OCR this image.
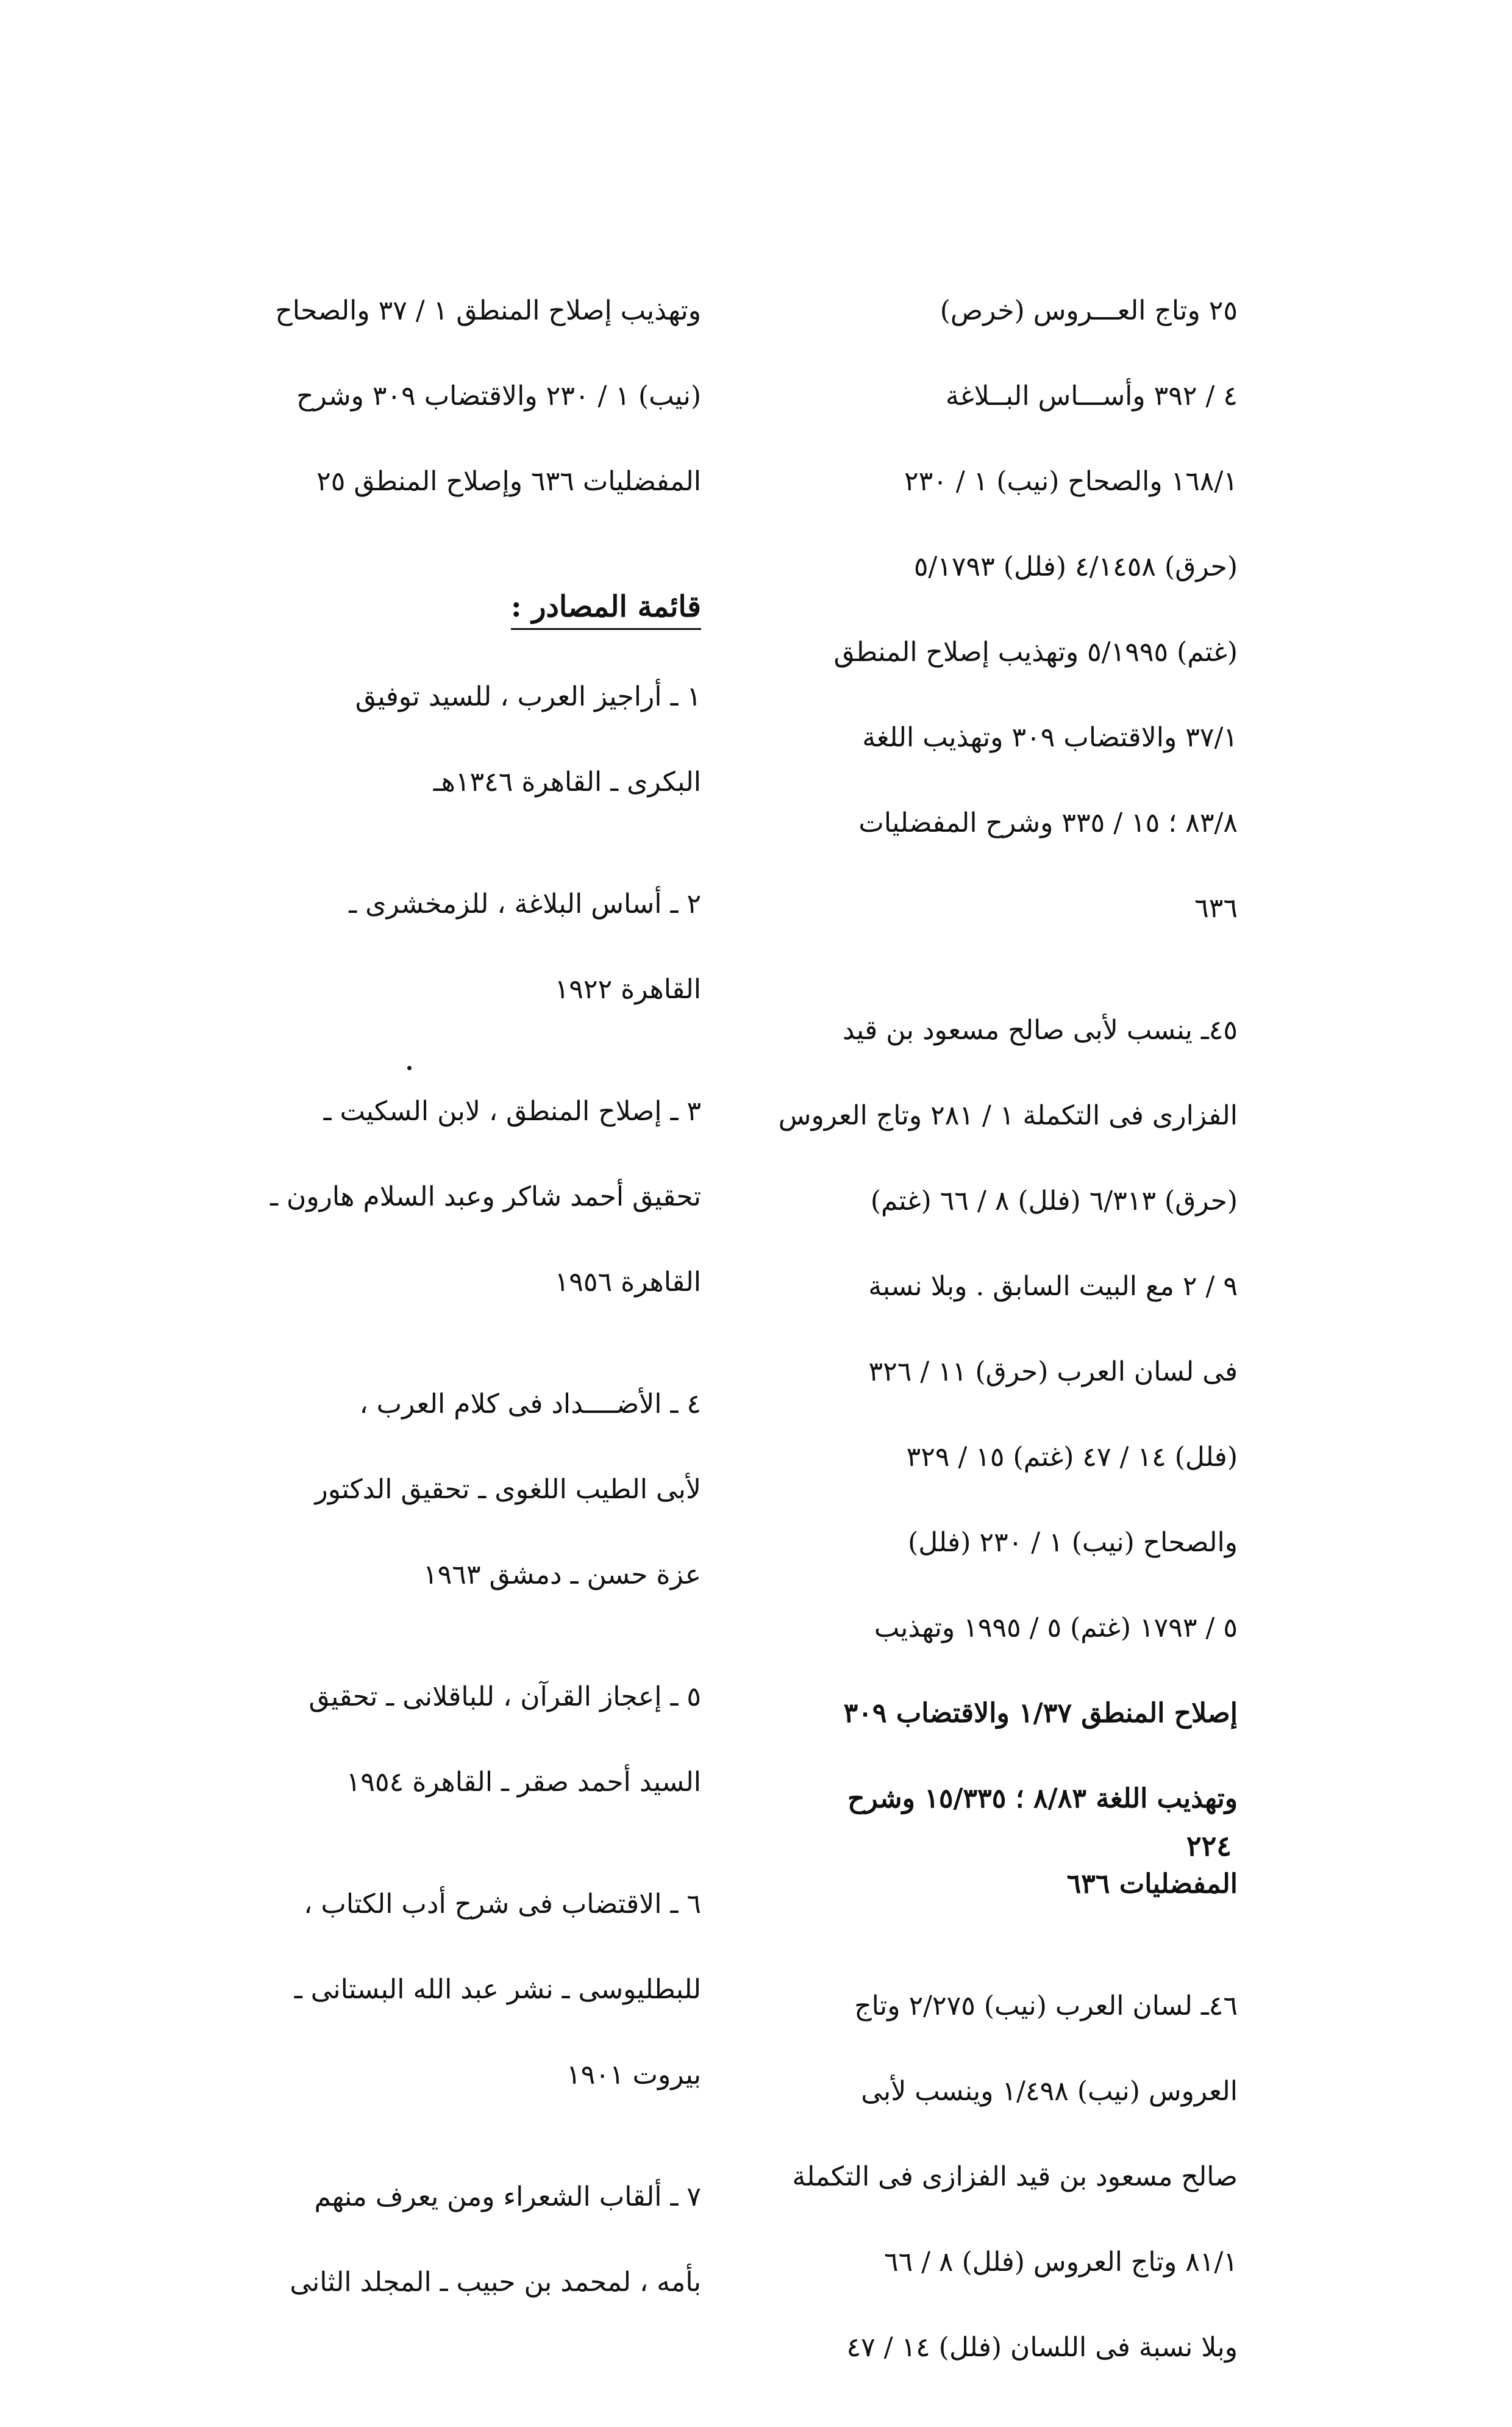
٢٥ وتاج العـــروس (خرص)
٤ / ٣٩٢ وأســـاس البــلاغة
١٦٨/١ والصحاح (نيب) ١ / ٢٣٠
(حرق) ٤/١٤٥٨ (فلل) ٥/١٧٩٣
(غتم) ٥/١٩٩٥ وتهذيب إصلاح المنطق
٣٧/١ والاقتضاب ٣٠٩ وتهذيب اللغة
٨٣/٨ ؛ ١٥ / ٣٣٥ وشرح المفضليات
٦٣٦
٤٥ـ ينسب لأبى صالح مسعود بن قيد
الفزارى فى التكملة ١ / ٢٨١ وتاج العروس
(حرق) ٦/٣١٣ (فلل) ٨ / ٦٦ (غتم)
٩ / ٢ مع البيت السابق . وبلا نسبة
فى لسان العرب (حرق) ١١ / ٣٢٦
(فلل) ١٤ / ٤٧ (غتم) ١٥ / ٣٢٩
والصحاح (نيب) ١ / ٢٣٠ (فلل)
٥ / ١٧٩٣ (غتم) ٥ / ١٩٩٥ وتهذيب
إصلاح المنطق ١/٣٧ والاقتضاب ٣٠٩
وتهذيب اللغة ٨/٨٣ ؛ ١٥/٣٣٥ وشرح
المفضليات ٦٣٦
٤٦ـ لسان العرب (نيب) ٢/٢٧٥ وتاج
العروس (نيب) ١/٤٩٨ وينسب لأبى
صالح مسعود بن قيد الفزازى فى التكملة
٨١/١ وتاج العروس (فلل) ٨ / ٦٦
وبلا نسبة فى اللسان (فلل) ١٤ / ٤٧
وتهذيب إصلاح المنطق ١ / ٣٧ والصحاح
(نيب) ١ / ٢٣٠ والاقتضاب ٣٠٩ وشرح
المفضليات ٦٣٦ وإصلاح المنطق ٢٥
قائمة المصادر :
١ ـ أراجيز العرب ، للسيد توفيق
البكرى ـ القاهرة ١٣٤٦هـ
٢ ـ أساس البلاغة ، للزمخشرى ـ
القاهرة ١٩٢٢
٣ ـ إصلاح المنطق ، لابن السكيت ـ
تحقيق أحمد شاكر وعبد السلام هارون ـ
القاهرة ١٩٥٦
٤ ـ الأضــــداد فى كلام العرب ،
لأبى الطيب اللغوى ـ تحقيق الدكتور
عزة حسن ـ دمشق ١٩٦٣
٥ ـ إعجاز القرآن ، للباقلانى ـ تحقيق
السيد أحمد صقر ـ القاهرة ١٩٥٤
٦ ـ الاقتضاب فى شرح أدب الكتاب ،
للبطليوسى ـ نشر عبد الله البستانى ـ
بيروت ١٩٠١
٧ ـ ألقاب الشعراء ومن يعرف منهم
بأمه ، لمحمد بن حبيب ـ المجلد الثانى
٢٢٤
